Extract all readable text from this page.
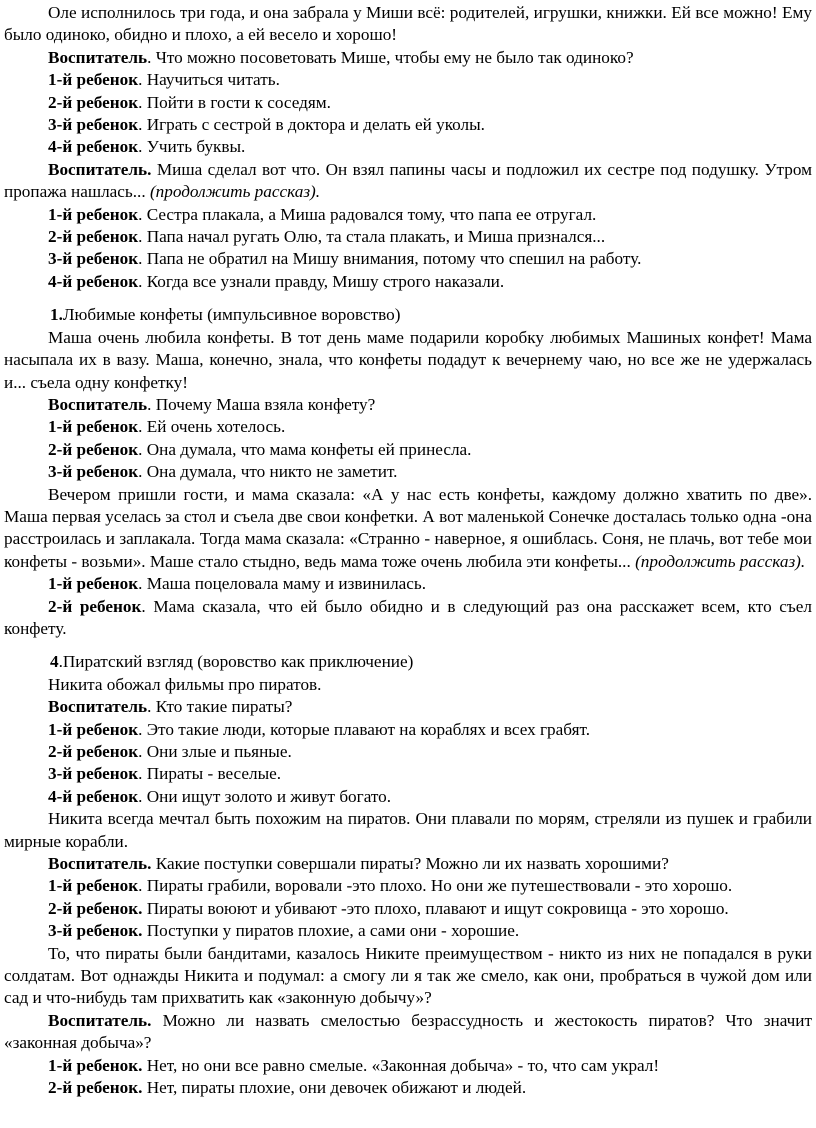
Оле исполнилось три года, и она забрала у Миши всё: родителей, игрушки, книжки. Ей все можно! Ему было одиноко, обидно и плохо, а ей весело и хорошо!

Воспитатель. Что можно посоветовать Мише, чтобы ему не было так одиноко?

1-й ребенок. Научиться читать.

2-й ребенок. Пойти в гости к соседям.

3-й ребенок. Играть с сестрой в доктора и делать ей уколы.

4-й ребенок. Учить буквы.

Воспитатель. Миша сделал вот что. Он взял папины часы и подложил их сестре под подушку. Утром пропажа нашлась... (продолжить рассказ).

1-й ребенок. Сестра плакала, а Миша радовался тому, что папа ее отругал.

2-й ребенок. Папа начал ругать Олю, та стала плакать, и Миша признался...

3-й ребенок. Папа не обратил на Мишу внимания, потому что спешил на работу.

4-й ребенок. Когда все узнали правду, Мишу строго наказали.

1.Любимые конфеты (импульсивное воровство)

Маша очень любила конфеты. В тот день маме подарили коробку любимых Машиных конфет! Мама насыпала их в вазу. Маша, конечно, знала, что конфеты подадут к вечернему чаю, но все же не удержалась и... съела одну конфетку!

Воспитатель. Почему Маша взяла конфету?

1-й ребенок. Ей очень хотелось.

2-й ребенок. Она думала, что мама конфеты ей принесла.

3-й ребенок. Она думала, что никто не заметит.

Вечером пришли гости, и мама сказала: «А у нас есть конфеты, каждому должно хватить по две». Маша первая уселась за стол и съела две свои конфетки. А вот маленькой Сонечке досталась только одна -она расстроилась и заплакала. Тогда мама сказала: «Странно - наверное, я ошиблась. Соня, не плачь, вот тебе мои конфеты - возьми». Маше стало стыдно, ведь мама тоже очень любила эти конфеты... (продолжить рассказ).

1-й ребенок. Маша поцеловала маму и извинилась.

2-й ребенок. Мама сказала, что ей было обидно и в следующий раз она расскажет всем, кто съел конфету.

4.Пиратский взгляд (воровство как приключение)

Никита обожал фильмы про пиратов.

Воспитатель. Кто такие пираты?

1-й ребенок. Это такие люди, которые плавают на кораблях и всех грабят.

2-й ребенок. Они злые и пьяные.

3-й ребенок. Пираты - веселые.

4-й ребенок. Они ищут золото и живут богато.

Никита всегда мечтал быть похожим на пиратов. Они плавали по морям, стреляли из пушек и грабили мирные корабли.

Воспитатель. Какие поступки совершали пираты? Можно ли их назвать хорошими?

1-й ребенок. Пираты грабили, воровали -это плохо. Но они же путешествовали - это хорошо.

2-й ребенок. Пираты воюют и убивают -это плохо, плавают и ищут сокровища - это хорошо.

3-й ребенок. Поступки у пиратов плохие, а сами они - хорошие.

То, что пираты были бандитами, казалось Никите преимуществом - никто из них не попадался в руки солдатам. Вот однажды Никита и подумал: а смогу ли я так же смело, как они, пробраться в чужой дом или сад и что-нибудь там прихватить как «законную добычу»?

Воспитатель. Можно ли назвать смелостью безрассудность и жестокость пиратов? Что значит «законная добыча»?

1-й ребенок. Нет, но они все равно смелые. «Законная добыча» - то, что сам украл!

2-й ребенок. Нет, пираты плохие, они девочек обижают и людей.
